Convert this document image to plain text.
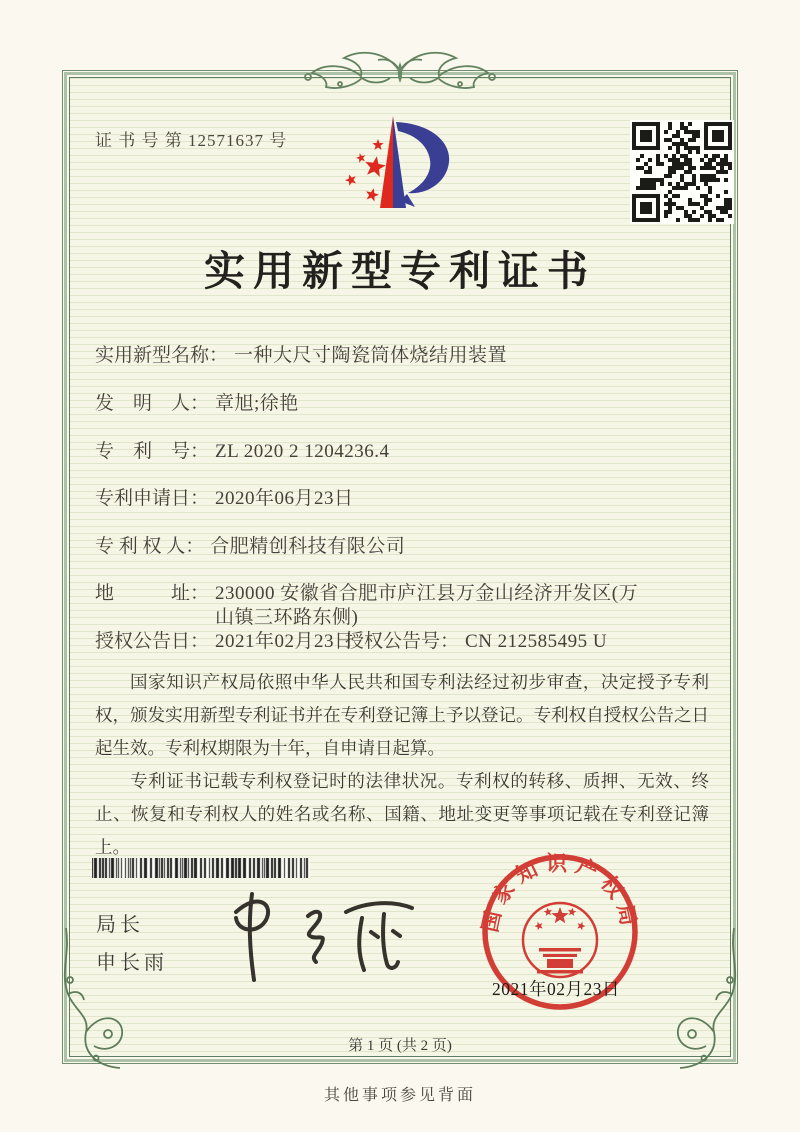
证 书 号 第 12571637 号
实用新型专利证书
实用新型名称： 一种大尺寸陶瓷筒体烧结用装置
发　明　人： 章旭;徐艳
专　利　号： ZL 2020 2 1204236.4
专利申请日： 2020年06月23日
专 利 权 人： 合肥精创科技有限公司
地　　　址： 230000 安徽省合肥市庐江县万金山经济开发区(万山镇三环路东侧)
授权公告日： 2021年02月23日
授权公告号： CN 212585495 U

国家知识产权局依照中华人民共和国专利法经过初步审查，决定授予专利权，颁发实用新型专利证书并在专利登记簿上予以登记。专利权自授权公告之日起生效。专利权期限为十年，自申请日起算。

专利证书记载专利权登记时的法律状况。专利权的转移、质押、无效、终止、恢复和专利权人的姓名或名称、国籍、地址变更等事项记载在专利登记簿上。

局长
申长雨
国家知识产权局
2021年02月23日
第 1 页 (共 2 页)
其他事项参见背面
